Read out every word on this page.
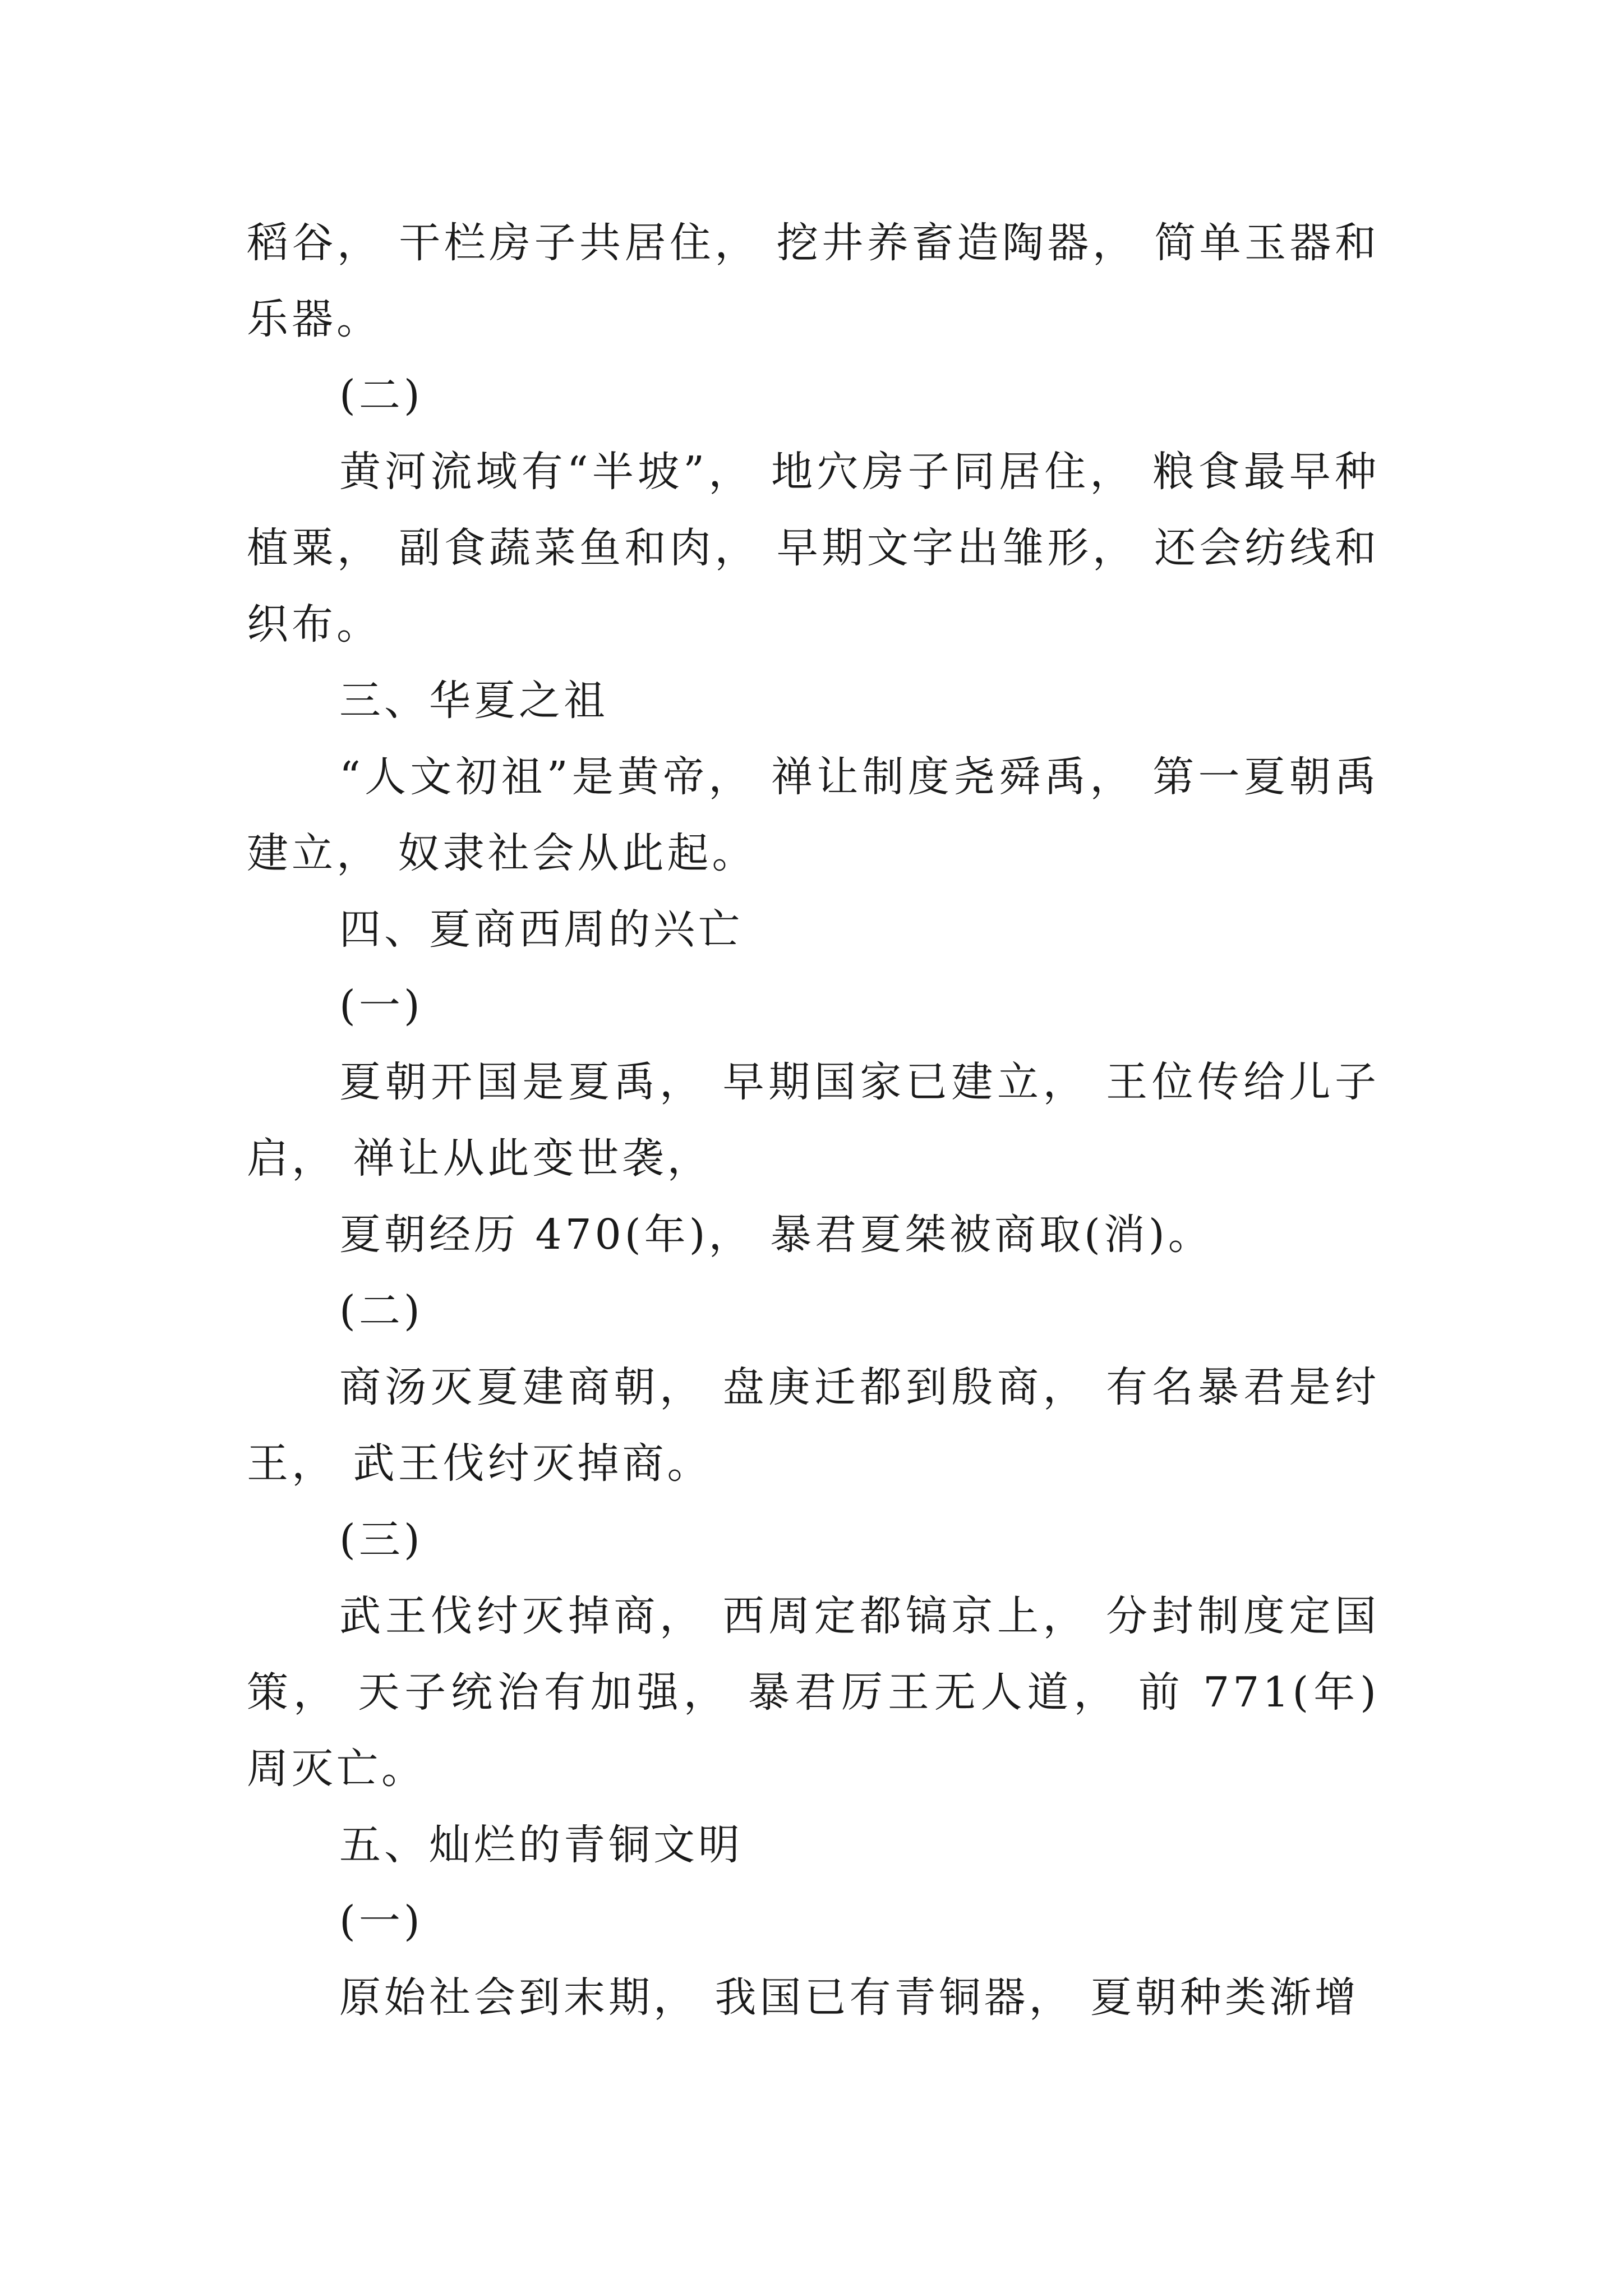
稻谷， 干栏房子共居住， 挖井养畜造陶器， 简单玉器和乐器。

(二)

黄河流域有“半坡”， 地穴房子同居住， 粮食最早种植粟， 副食蔬菜鱼和肉， 早期文字出雏形， 还会纺线和织布。

三、华夏之祖

“人文初祖”是黄帝， 禅让制度尧舜禹， 第一夏朝禹建立， 奴隶社会从此起。

四、夏商西周的兴亡

(一)

夏朝开国是夏禹， 早期国家已建立， 王位传给儿子启， 禅让从此变世袭，

夏朝经历 470(年)， 暴君夏桀被商取(消)。

(二)

商汤灭夏建商朝， 盘庚迁都到殷商， 有名暴君是纣王， 武王伐纣灭掉商。

(三)

武王伐纣灭掉商， 西周定都镐京上， 分封制度定国策， 天子统治有加强， 暴君厉王无人道， 前 771(年)周灭亡。

五、灿烂的青铜文明

(一)

原始社会到末期， 我国已有青铜器， 夏朝种类渐增
